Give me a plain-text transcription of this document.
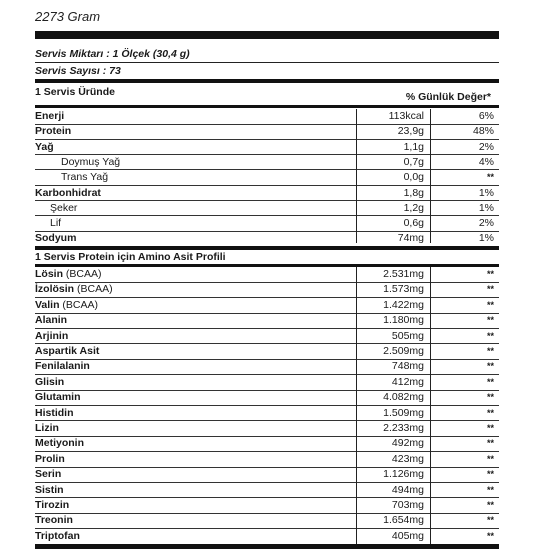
2273 Gram
Servis Miktarı : 1 Ölçek (30,4 g)
Servis Sayısı : 73
1 Servis Üründe	% Günlük Değer*
Enerji	113kcal	6%
Protein	23,9g	48%
Yağ	1,1g	2%
Doymuş Yağ	0,7g	4%
Trans Yağ	0,0g	**
Karbonhidrat	1,8g	1%
Şeker	1,2g	1%
Lif	0,6g	2%
Sodyum	74mg	1%
1 Servis Protein için Amino Asit Profili
Lösin (BCAA)	2.531mg	**
İzolösin (BCAA)	1.573mg	**
Valin (BCAA)	1.422mg	**
Alanin	1.180mg	**
Arjinin	505mg	**
Aspartik Asit	2.509mg	**
Fenilalanin	748mg	**
Glisin	412mg	**
Glutamin	4.082mg	**
Histidin	1.509mg	**
Lizin	2.233mg	**
Metiyonin	492mg	**
Prolin	423mg	**
Serin	1.126mg	**
Sistin	494mg	**
Tirozin	703mg	**
Treonin	1.654mg	**
Triptofan	405mg	**
